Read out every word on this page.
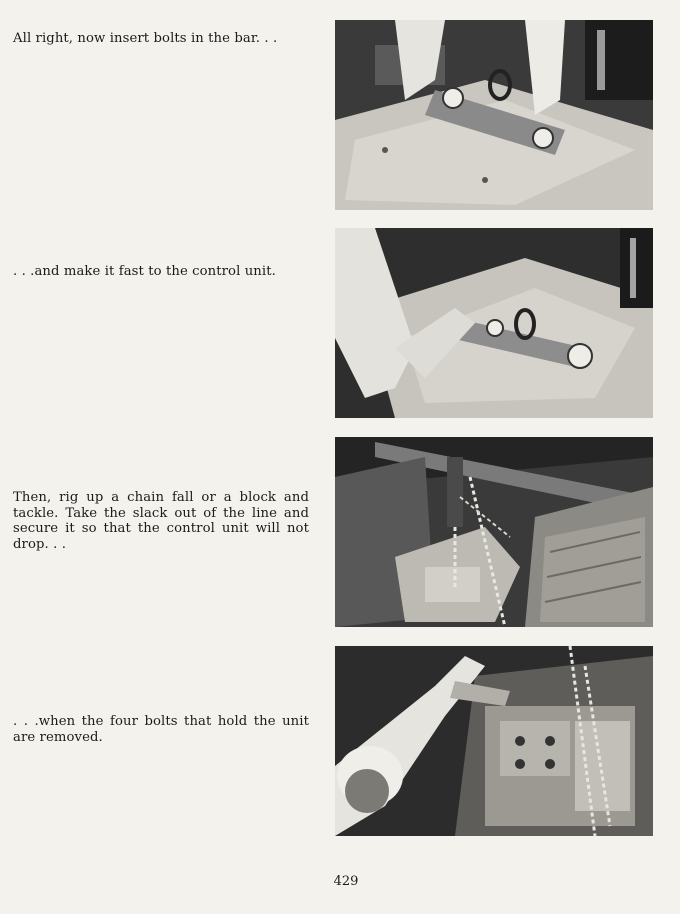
All right, now insert bolts in the bar. . .

. . .and make it fast to the control unit.

Then, rig up a chain fall or a block and tackle. Take the slack out of the line and secure it so that the control unit will not drop. . .

. . .when the four bolts that hold the unit are removed.

429
